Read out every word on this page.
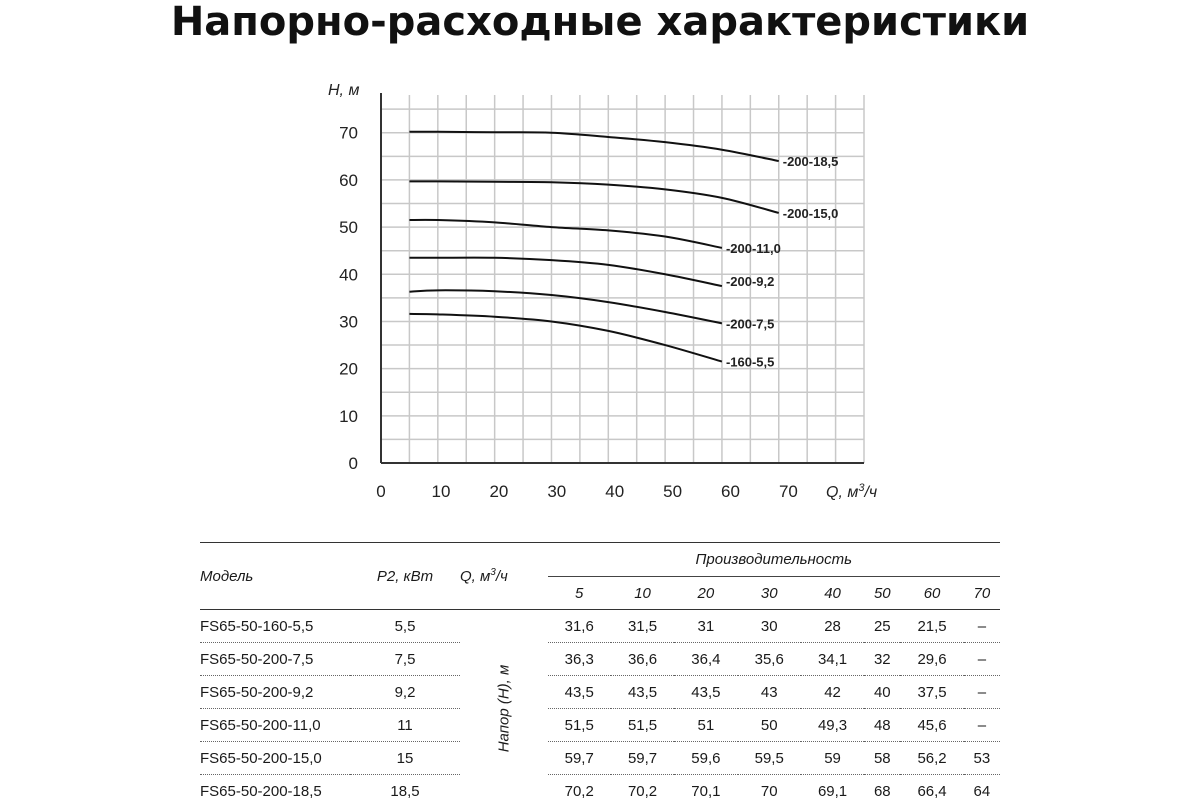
Напорно-расходные характеристики
0
10
20
30
40
50
60
70
0	10 20 30 40 50 60 70
-160-5,5
-200-7,5
-200-9,2
-200-11,0
-200-15,0
-200-18,5
H, м
Q, $м^3/ч$
Модель	P2, кВт	Q, $м^3/ч$	Производительность							
			5	10	20	30	40	50	60	70
FS65-50-160-5,5	5,5	Напор (H), м	31,6	31,5	31	30	28	25	21,5	–
FS65-50-200-7,5	7,5		36,3	36,6	36,4	35,6	34,1	32	29,6	–
FS65-50-200-9,2	9,2		43,5	43,5	43,5	43	42	40	37,5	–
FS65-50-200-11,0	11		51,5	51,5	51	50	49,3	48	45,6	–
FS65-50-200-15,0	15		59,7	59,7	59,6	59,5	59	58	56,2	53
FS65-50-200-18,5	18,5		70,2	70,2	70,1	70	69,1	68	66,4	64
